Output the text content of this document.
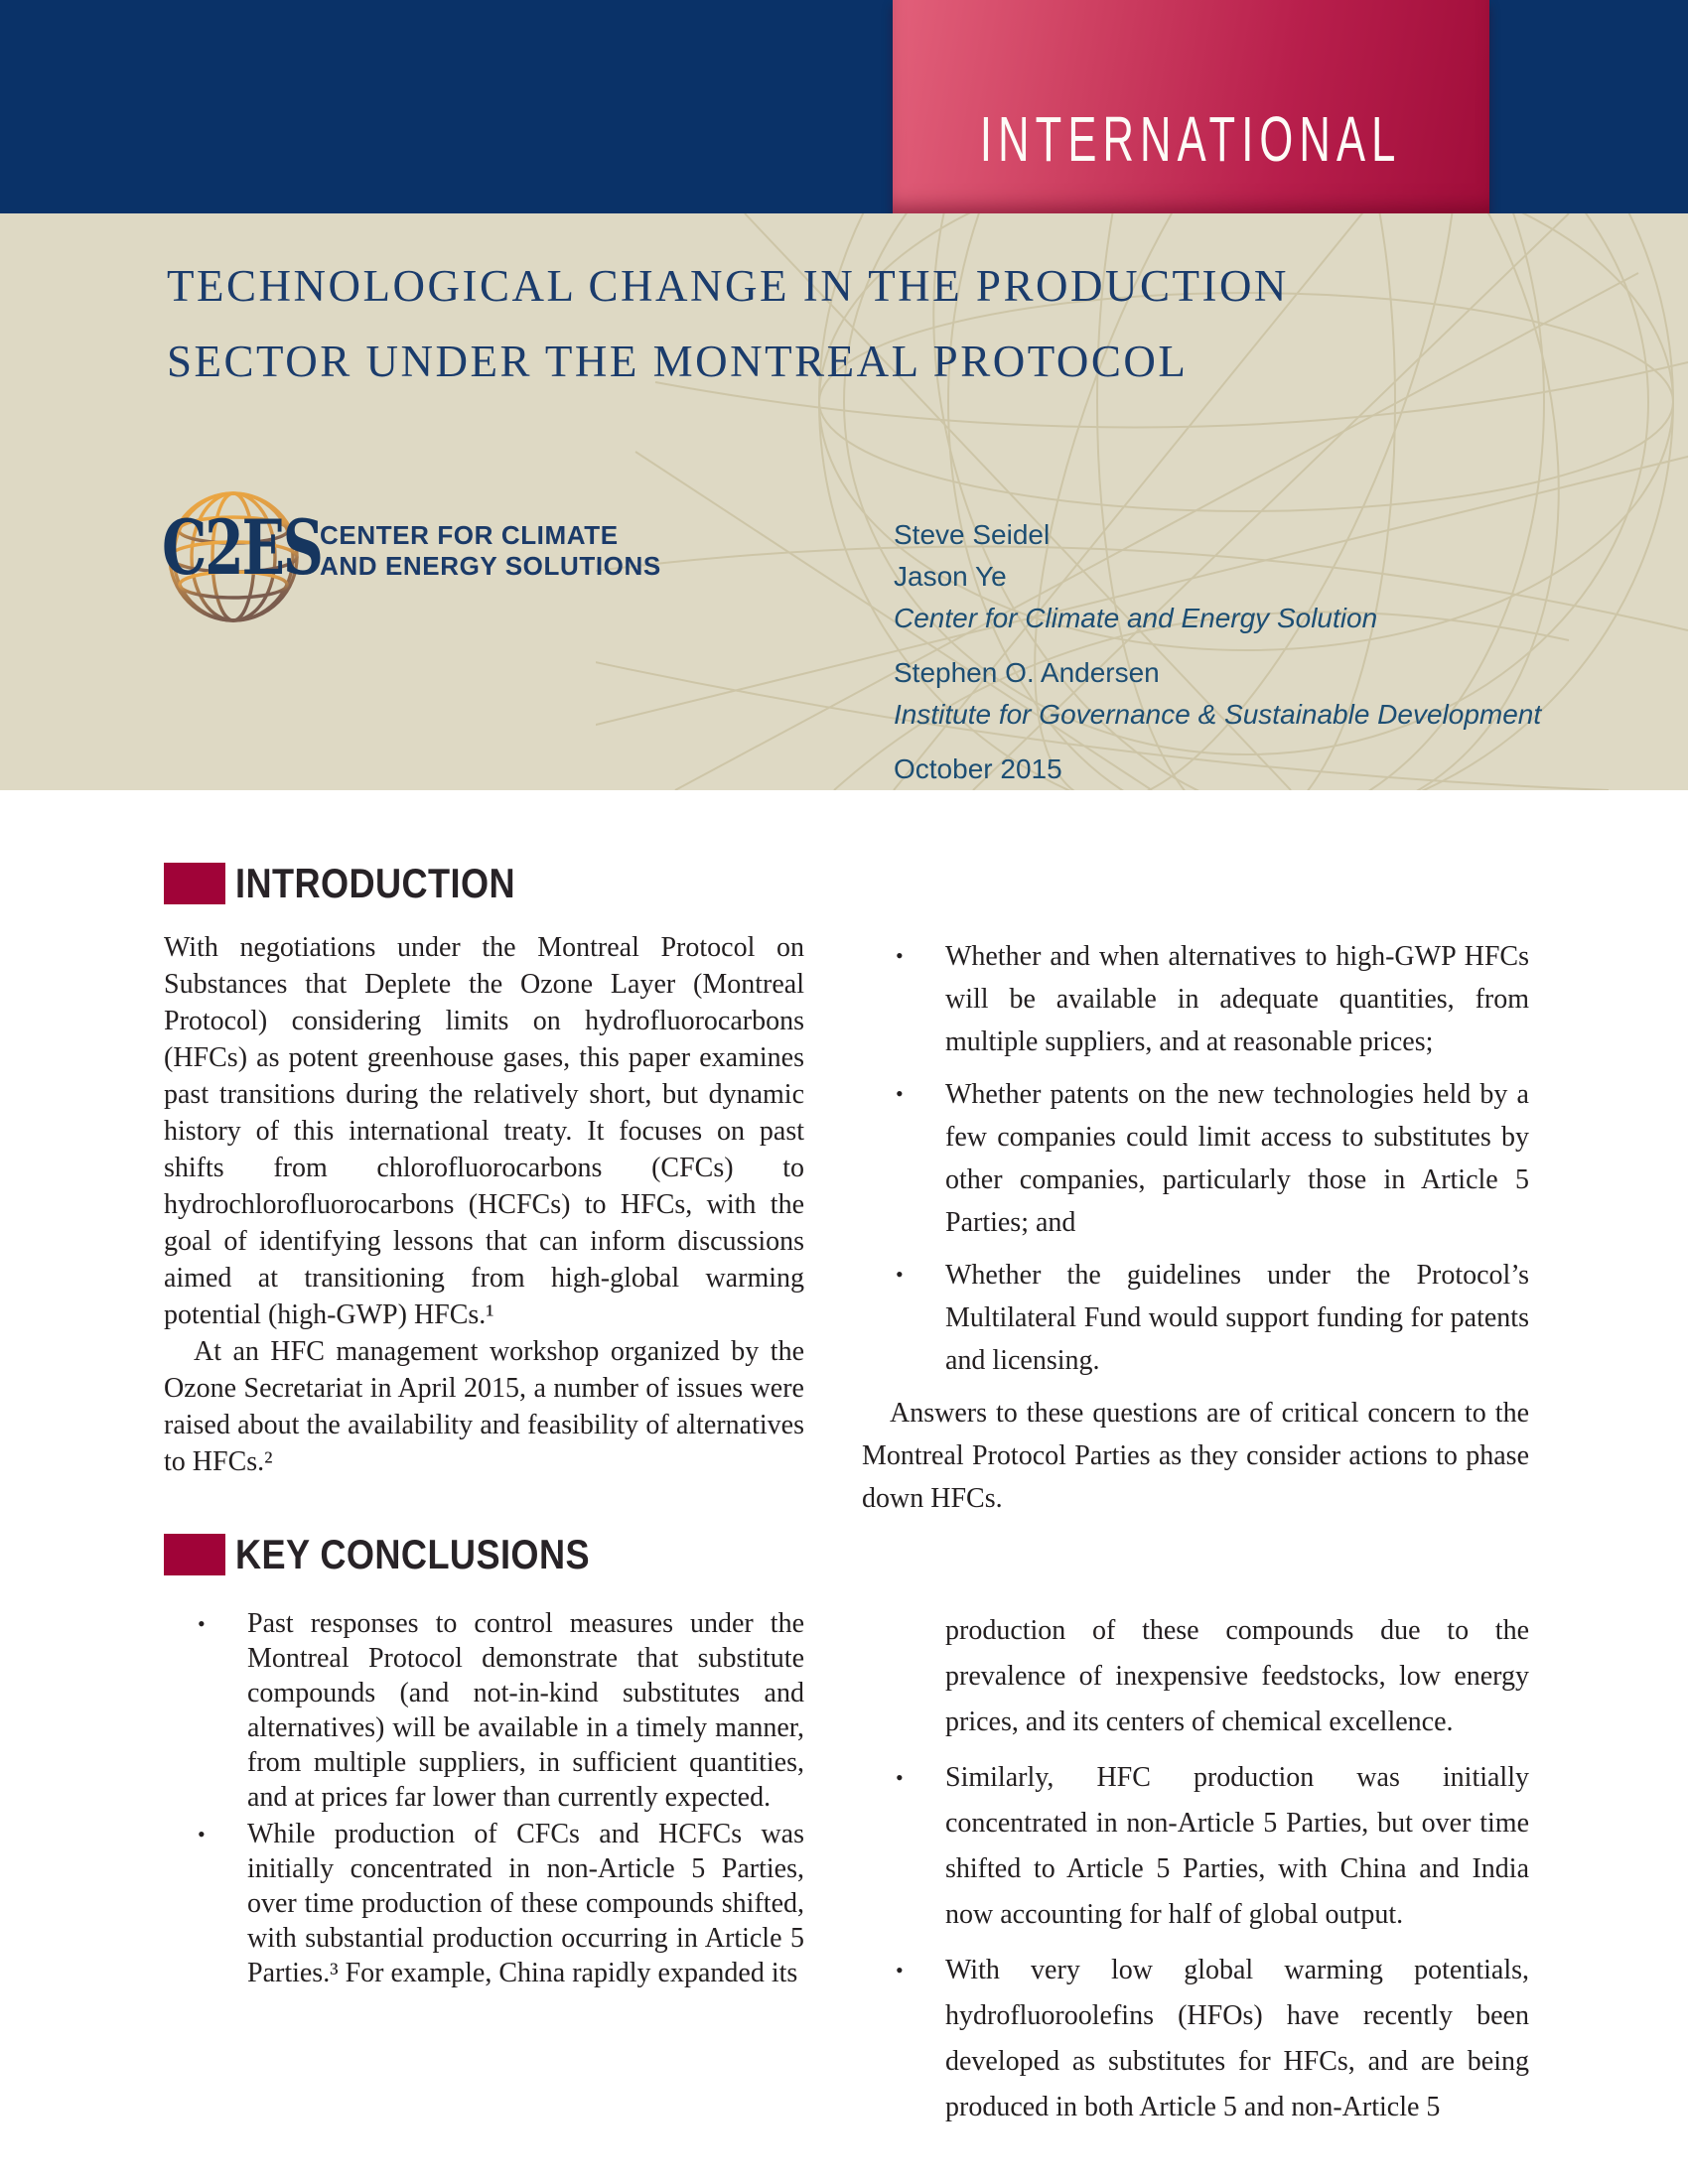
INTERNATIONAL
TECHNOLOGICAL CHANGE IN THE PRODUCTION
SECTOR UNDER THE MONTREAL PROTOCOL
C2ES
CENTER FOR CLIMATE
AND ENERGY SOLUTIONS
Steve Seidel
Jason Ye
Center for Climate and Energy Solution
Stephen O. Andersen
Institute for Governance & Sustainable Development
October 2015
INTRODUCTION

With negotiations under the Montreal Protocol on Substances that Deplete the Ozone Layer (Montreal Protocol) considering limits on hydrofluorocarbons (HFCs) as potent greenhouse gases, this paper examines past transitions during the relatively short, but dynamic history of this international treaty. It focuses on past shifts from chlorofluorocarbons (CFCs) to hydrochlorofluorocarbons (HCFCs) to HFCs, with the goal of identifying lessons that can inform discussions aimed at transitioning from high-global warming potential (high-GWP) HFCs.¹

At an HFC management workshop organized by the Ozone Secretariat in April 2015, a number of issues were raised about the availability and feasibility of alternatives to HFCs.²

•	Whether and when alternatives to high-GWP HFCs will be available in adequate quantities, from multiple suppliers, and at reasonable prices;
•	Whether patents on the new technologies held by a few companies could limit access to substitutes by other companies, particularly those in Article 5 Parties; and
•	Whether the guidelines under the Protocol’s Multilateral Fund would support funding for patents and licensing.
Answers to these questions are of critical concern to the Montreal Protocol Parties as they consider actions to phase down HFCs.
KEY CONCLUSIONS
•	Past responses to control measures under the Montreal Protocol demonstrate that substitute compounds (and not-in-kind substitutes and alternatives) will be available in a timely manner, from multiple suppliers, in sufficient quantities, and at prices far lower than currently expected.
•	While production of CFCs and HCFCs was initially concentrated in non-Article 5 Parties, over time production of these compounds shifted, with substantial production occurring in Article 5 Parties.³ For example, China rapidly expanded its

production of these compounds due to the prevalence of inexpensive feedstocks, low energy prices, and its centers of chemical excellence.

•	Similarly, HFC production was initially concentrated in non-Article 5 Parties, but over time shifted to Article 5 Parties, with China and India now accounting for half of global output.
•	With very low global warming potentials, hydrofluoroolefins (HFOs) have recently been developed as substitutes for HFCs, and are being produced in both Article 5 and non-Article 5
